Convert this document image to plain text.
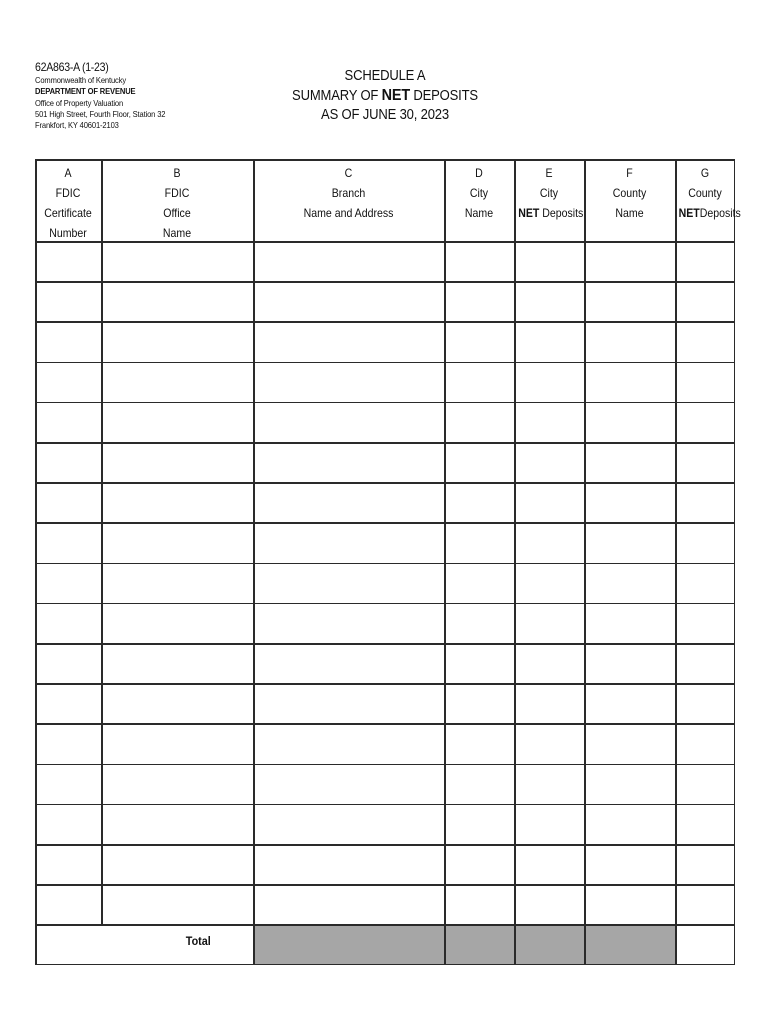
62A863-A (1-23)
Commonwealth of Kentucky
DEPARTMENT OF REVENUE
Office of Property Valuation
501 High Street, Fourth Floor, Station 32
Frankfort, KY 40601-2103
SCHEDULE A
SUMMARY OF NET DEPOSITS
AS OF JUNE 30, 2023
A
FDIC
Certificate
Number
B
FDIC
Office
Name
C
Branch
Name and Address

D
City
Name

E
City
NET Deposits

F
County
Name

G
County
NETDeposits

Total
